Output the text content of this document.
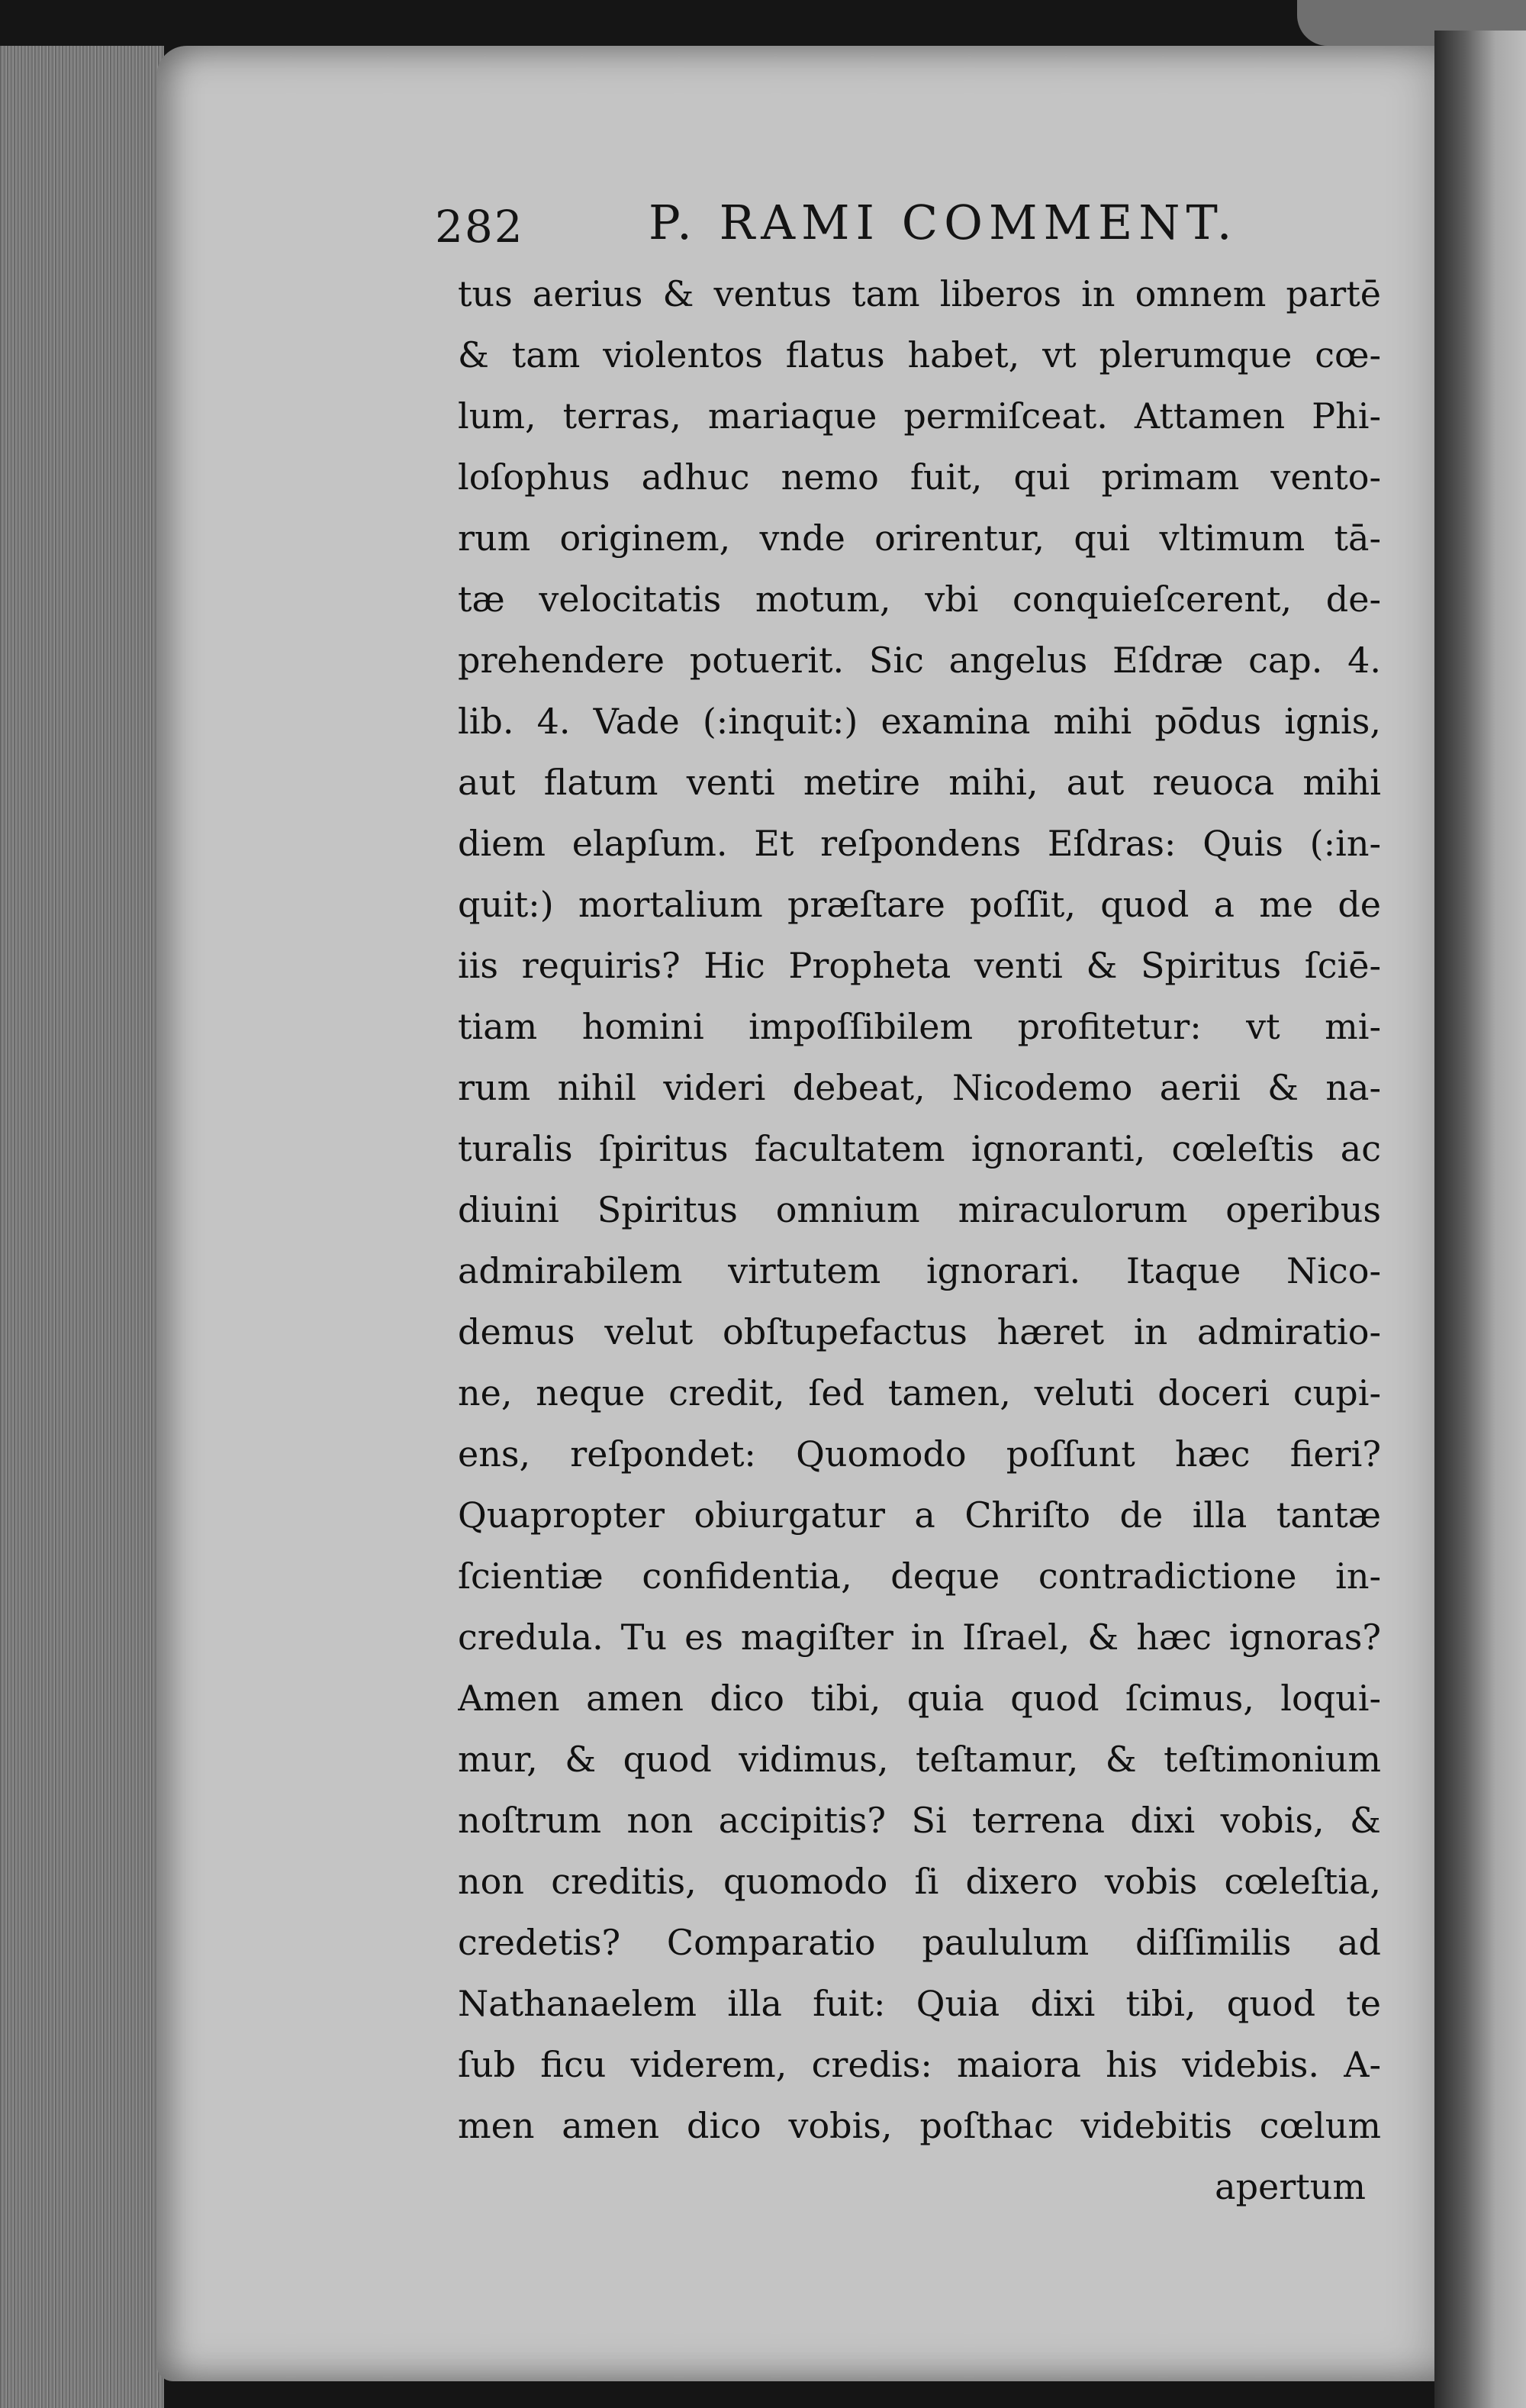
282	P. RAMI COMMENT.
tus aerius & ventus tam liberos in omnem partē
& tam violentos flatus habet, vt plerumque cœ-
lum, terras, mariaque permiſceat. Attamen Phi-
loſophus adhuc nemo fuit, qui primam vento-
rum originem, vnde orirentur, qui vltimum tā-
tæ velocitatis motum, vbi conquieſcerent, de-
prehendere potuerit. Sic angelus Eſdræ cap. 4.
lib. 4. Vade (:inquit:) examina mihi pōdus ignis,
aut flatum venti metire mihi, aut reuoca mihi
diem elapſum. Et reſpondens Eſdras: Quis (:in-
quit:) mortalium præſtare poſſit, quod a me de
iis requiris? Hic Propheta venti & Spiritus ſciē-
tiam homini impoſſibilem profitetur: vt mi-
rum nihil videri debeat, Nicodemo aerii & na-
turalis ſpiritus facultatem ignoranti, cœleſtis ac
diuini Spiritus omnium miraculorum operibus
admirabilem virtutem ignorari. Itaque Nico-
demus velut obſtupefactus hæret in admiratio-
ne, neque credit, ſed tamen, veluti doceri cupi-
ens, reſpondet: Quomodo poſſunt hæc fieri?
Quapropter obiurgatur a Chriſto de illa tantæ
ſcientiæ confidentia, deque contradictione in-
credula. Tu es magiſter in Iſrael, & hæc ignoras?
Amen amen dico tibi, quia quod ſcimus, loqui-
mur, & quod vidimus, teſtamur, & teſtimonium
noſtrum non accipitis? Si terrena dixi vobis, &
non creditis, quomodo ſi dixero vobis cœleſtia,
credetis? Comparatio paululum diſſimilis ad
Nathanaelem illa fuit: Quia dixi tibi, quod te
ſub ficu viderem, credis: maiora his videbis. A-
men amen dico vobis, poſthac videbitis cœlum
apertum
